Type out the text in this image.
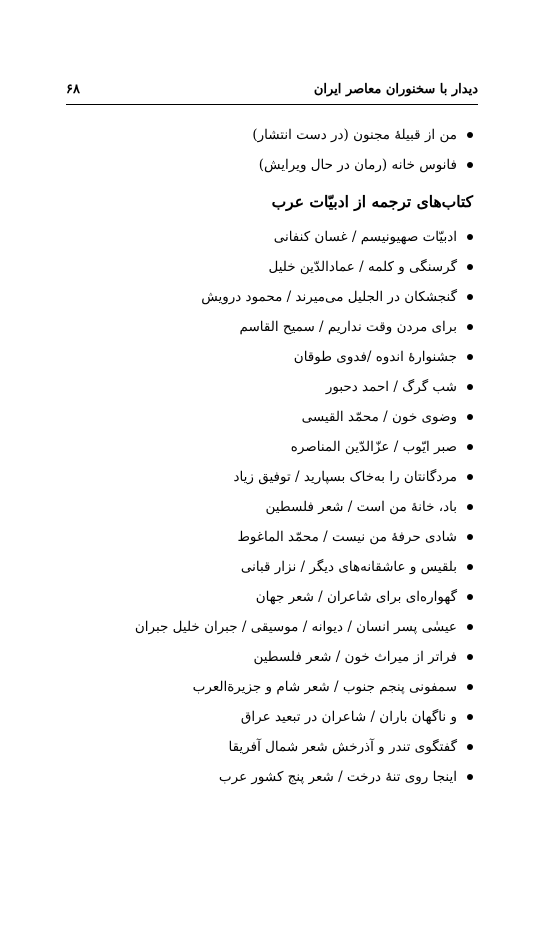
دیدار با سخنوران معاصر ایران
۶۸
من از قبیلهٔ مجنون (در دست انتشار)
فانوس خانه (رمان در حال ویرایش)
کتاب‌های ترجمه از ادبیّات عرب
ادبیّات صهیونیسم / غسان کنفانی
گرسنگی و کلمه / عمادالدّین خلیل
گنجشکان در الجلیل می‌میرند / محمود درویش
برای مردن وقت نداریم / سمیح القاسم
جشنوارهٔ اندوه /فدوی طوقان
شب گرگ / احمد دحبور
وضوی خون / محمّد القیسی
صبر ایّوب / عزّالدّین المناصره
مردگانتان را به‌خاک بسپارید / توفیق زیاد
باد، خانهٔ من است / شعر فلسطین
شادی حرفهٔ من نیست / محمّد الماغوط
بلقیس و عاشقانه‌های دیگر / نزار قبانی
گهواره‌ای برای شاعران / شعر جهان
عیسٰی پسر انسان / دیوانه / موسیقی / جبران خلیل جبران
فراتر از میراث خون / شعر فلسطین
سمفونی پنجم جنوب / شعر شام و جزیرةالعرب
و ناگهان باران / شاعران در تبعید عراق
گفتگوی تندر و آذرخش شعر شمال آفریقا
اینجا روی تنهٔ درخت / شعر پنج کشور عرب
